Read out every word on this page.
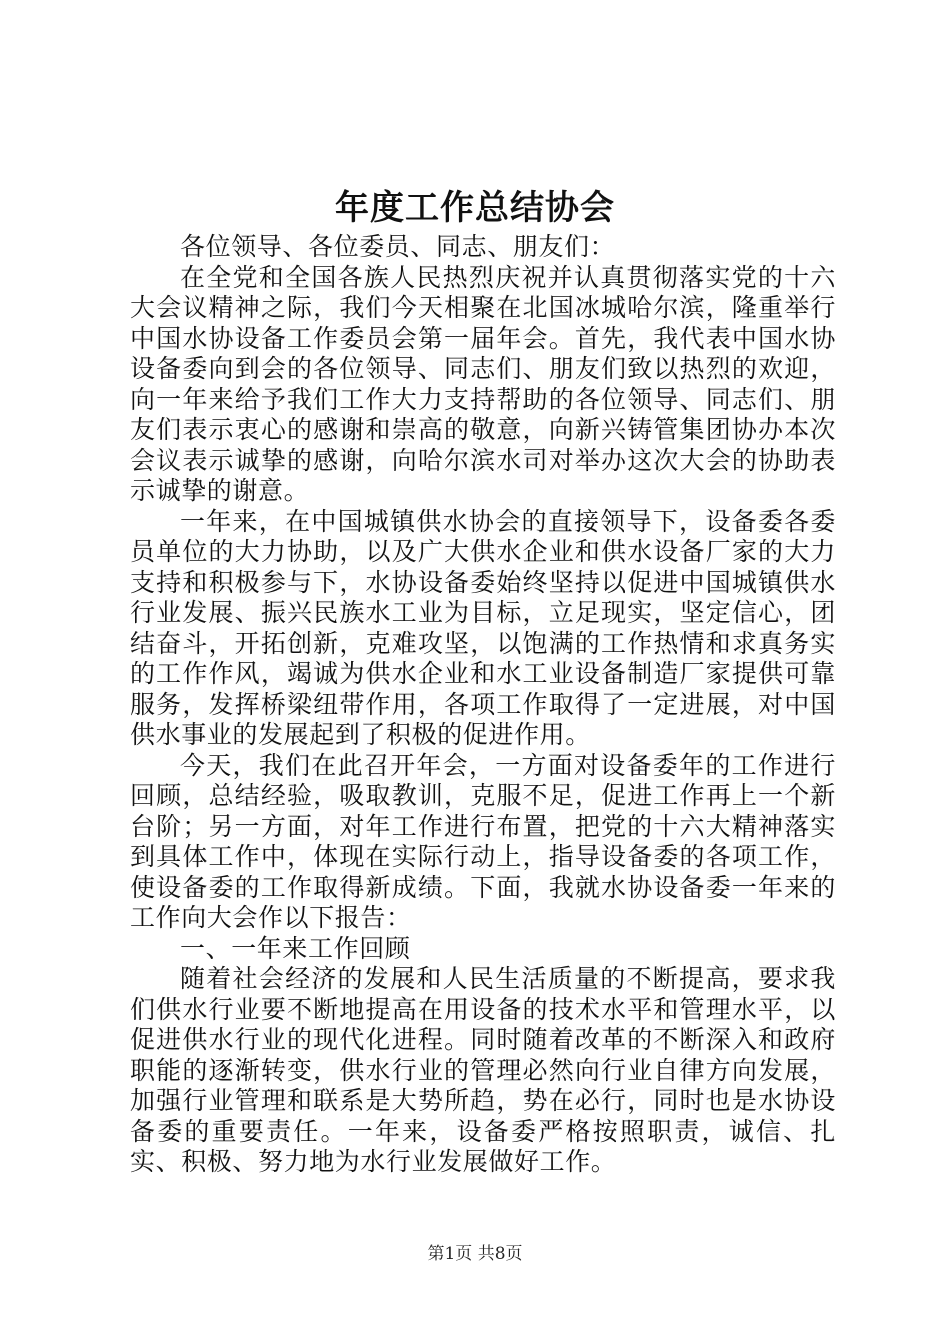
年度工作总结协会

各位领导、各位委员、同志、朋友们：

在全党和全国各族人民热烈庆祝并认真贯彻落实党的十六大会议精神之际，我们今天相聚在北国冰城哈尔滨，隆重举行中国水协设备工作委员会第一届年会。首先，我代表中国水协设备委向到会的各位领导、同志们、朋友们致以热烈的欢迎，向一年来给予我们工作大力支持帮助的各位领导、同志们、朋友们表示衷心的感谢和崇高的敬意，向新兴铸管集团协办本次会议表示诚挚的感谢，向哈尔滨水司对举办这次大会的协助表示诚挚的谢意。

一年来，在中国城镇供水协会的直接领导下，设备委各委员单位的大力协助，以及广大供水企业和供水设备厂家的大力支持和积极参与下，水协设备委始终坚持以促进中国城镇供水行业发展、振兴民族水工业为目标，立足现实，坚定信心，团结奋斗，开拓创新，克难攻坚，以饱满的工作热情和求真务实的工作作风，竭诚为供水企业和水工业设备制造厂家提供可靠服务，发挥桥梁纽带作用，各项工作取得了一定进展，对中国供水事业的发展起到了积极的促进作用。

今天，我们在此召开年会，一方面对设备委年的工作进行回顾，总结经验，吸取教训，克服不足，促进工作再上一个新台阶；另一方面，对年工作进行布置，把党的十六大精神落实到具体工作中，体现在实际行动上，指导设备委的各项工作，使设备委的工作取得新成绩。下面，我就水协设备委一年来的工作向大会作以下报告：

一、一年来工作回顾

随着社会经济的发展和人民生活质量的不断提高，要求我们供水行业要不断地提高在用设备的技术水平和管理水平，以促进供水行业的现代化进程。同时随着改革的不断深入和政府职能的逐渐转变，供水行业的管理必然向行业自律方向发展，加强行业管理和联系是大势所趋，势在必行，同时也是水协设备委的重要责任。一年来，设备委严格按照职责，诚信、扎实、积极、努力地为水行业发展做好工作。

第1页 共8页
